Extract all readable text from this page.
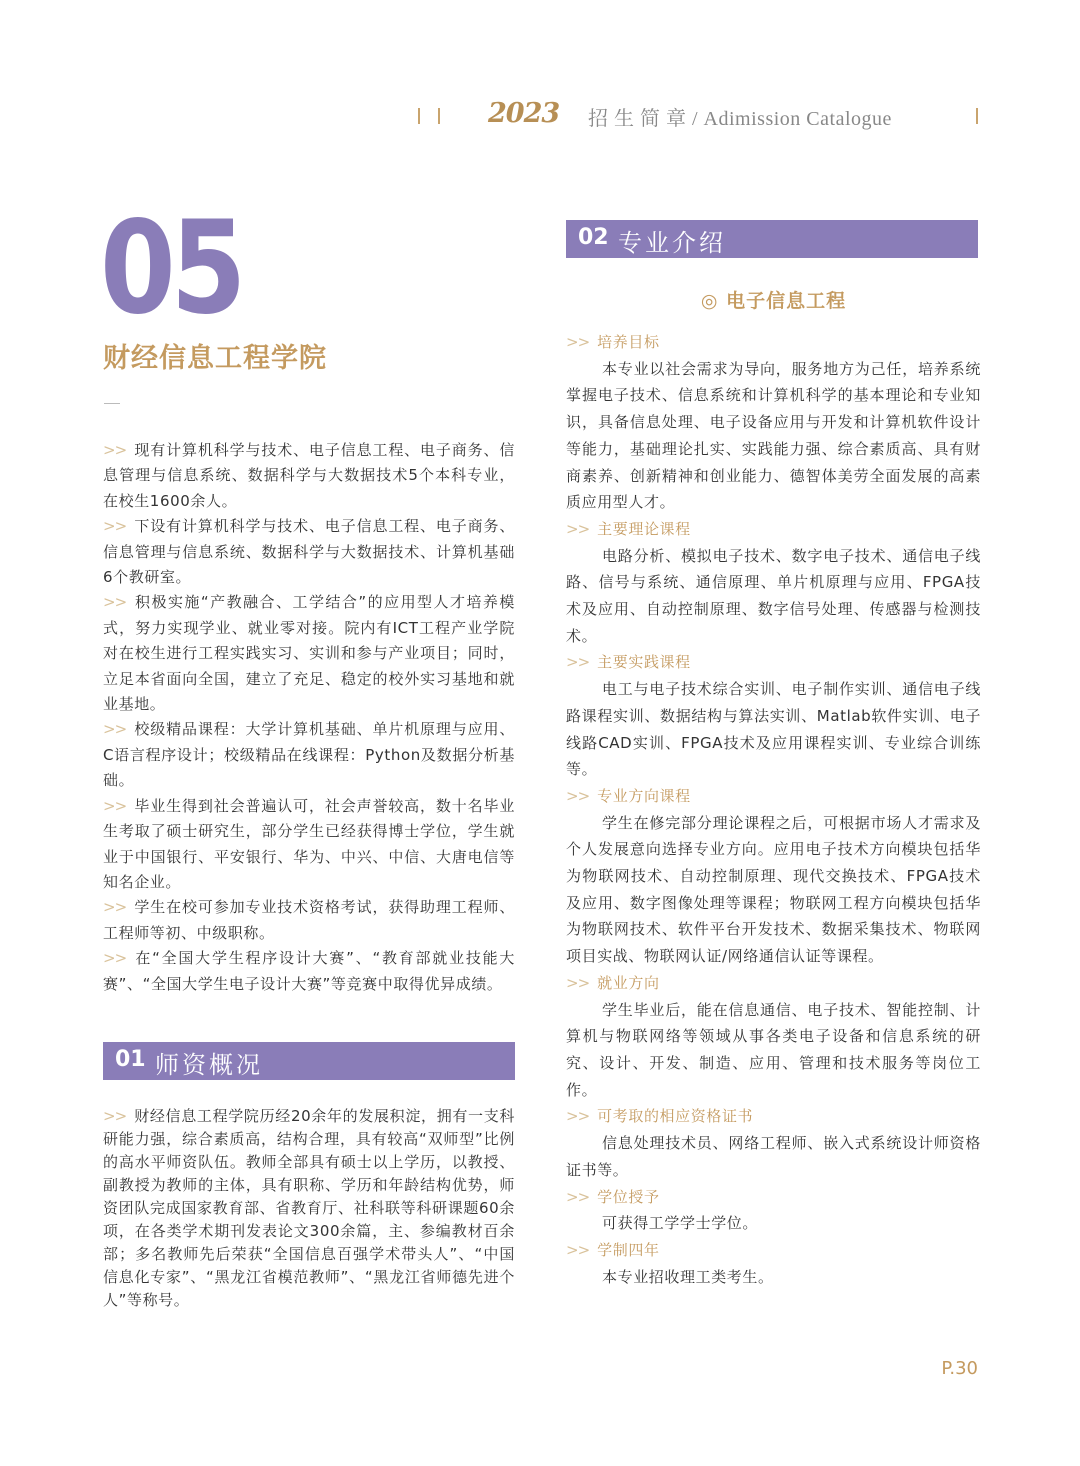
2023 招 生 简 章 / Adimission Catalogue
05
财经信息工程学院

>> 现有计算机科学与技术、电子信息工程、电子商务、信息管理与信息系统、数据科学与大数据技术5个本科专业，在校生1600余人。

>> 下设有计算机科学与技术、电子信息工程、电子商务、信息管理与信息系统、数据科学与大数据技术、计算机基础6个教研室。

>> 积极实施“产教融合、工学结合”的应用型人才培养模式，努力实现学业、就业零对接。院内有ICT工程产业学院对在校生进行工程实践实习、实训和参与产业项目；同时，立足本省面向全国，建立了充足、稳定的校外实习基地和就业基地。

>> 校级精品课程：大学计算机基础、单片机原理与应用、C语言程序设计；校级精品在线课程：Python及数据分析基础。

>> 毕业生得到社会普遍认可，社会声誉较高，数十名毕业生考取了硕士研究生，部分学生已经获得博士学位，学生就业于中国银行、平安银行、华为、中兴、中信、大唐电信等知名企业。

>> 学生在校可参加专业技术资格考试，获得助理工程师、工程师等初、中级职称。

>> 在“全国大学生程序设计大赛”、“教育部就业技能大赛”、“全国大学生电子设计大赛”等竞赛中取得优异成绩。

01 师资概况

>> 财经信息工程学院历经20余年的发展积淀，拥有一支科研能力强，综合素质高，结构合理，具有较高“双师型”比例的高水平师资队伍。教师全部具有硕士以上学历，以教授、副教授为教师的主体，具有职称、学历和年龄结构优势，师资团队完成国家教育部、省教育厅、社科联等科研课题60余项，在各类学术期刊发表论文300余篇，主、参编教材百余部；多名教师先后荣获“全国信息百强学术带头人”、“中国信息化专家”、“黑龙江省模范教师”、“黑龙江省师德先进个人”等称号。

02 专业介绍
◎ 电子信息工程
>> 培养目标

本专业以社会需求为导向，服务地方为己任，培养系统掌握电子技术、信息系统和计算机科学的基本理论和专业知识，具备信息处理、电子设备应用与开发和计算机软件设计等能力，基础理论扎实、实践能力强、综合素质高、具有财商素养、创新精神和创业能力、德智体美劳全面发展的高素质应用型人才。

>> 主要理论课程

电路分析、模拟电子技术、数字电子技术、通信电子线路、信号与系统、通信原理、单片机原理与应用、FPGA技术及应用、自动控制原理、数字信号处理、传感器与检测技术。

>> 主要实践课程

电工与电子技术综合实训、电子制作实训、通信电子线路课程实训、数据结构与算法实训、Matlab软件实训、电子线路CAD实训、FPGA技术及应用课程实训、专业综合训练等。

>> 专业方向课程

学生在修完部分理论课程之后，可根据市场人才需求及个人发展意向选择专业方向。应用电子技术方向模块包括华为物联网技术、自动控制原理、现代交换技术、FPGA技术及应用、数字图像处理等课程；物联网工程方向模块包括华为物联网技术、软件平台开发技术、数据采集技术、物联网项目实战、物联网认证/网络通信认证等课程。

>> 就业方向

学生毕业后，能在信息通信、电子技术、智能控制、计算机与物联网络等领域从事各类电子设备和信息系统的研究、设计、开发、制造、应用、管理和技术服务等岗位工作。

>> 可考取的相应资格证书

信息处理技术员、网络工程师、嵌入式系统设计师资格证书等。

>> 学位授予

可获得工学学士学位。

>> 学制四年

本专业招收理工类考生。

P.30
